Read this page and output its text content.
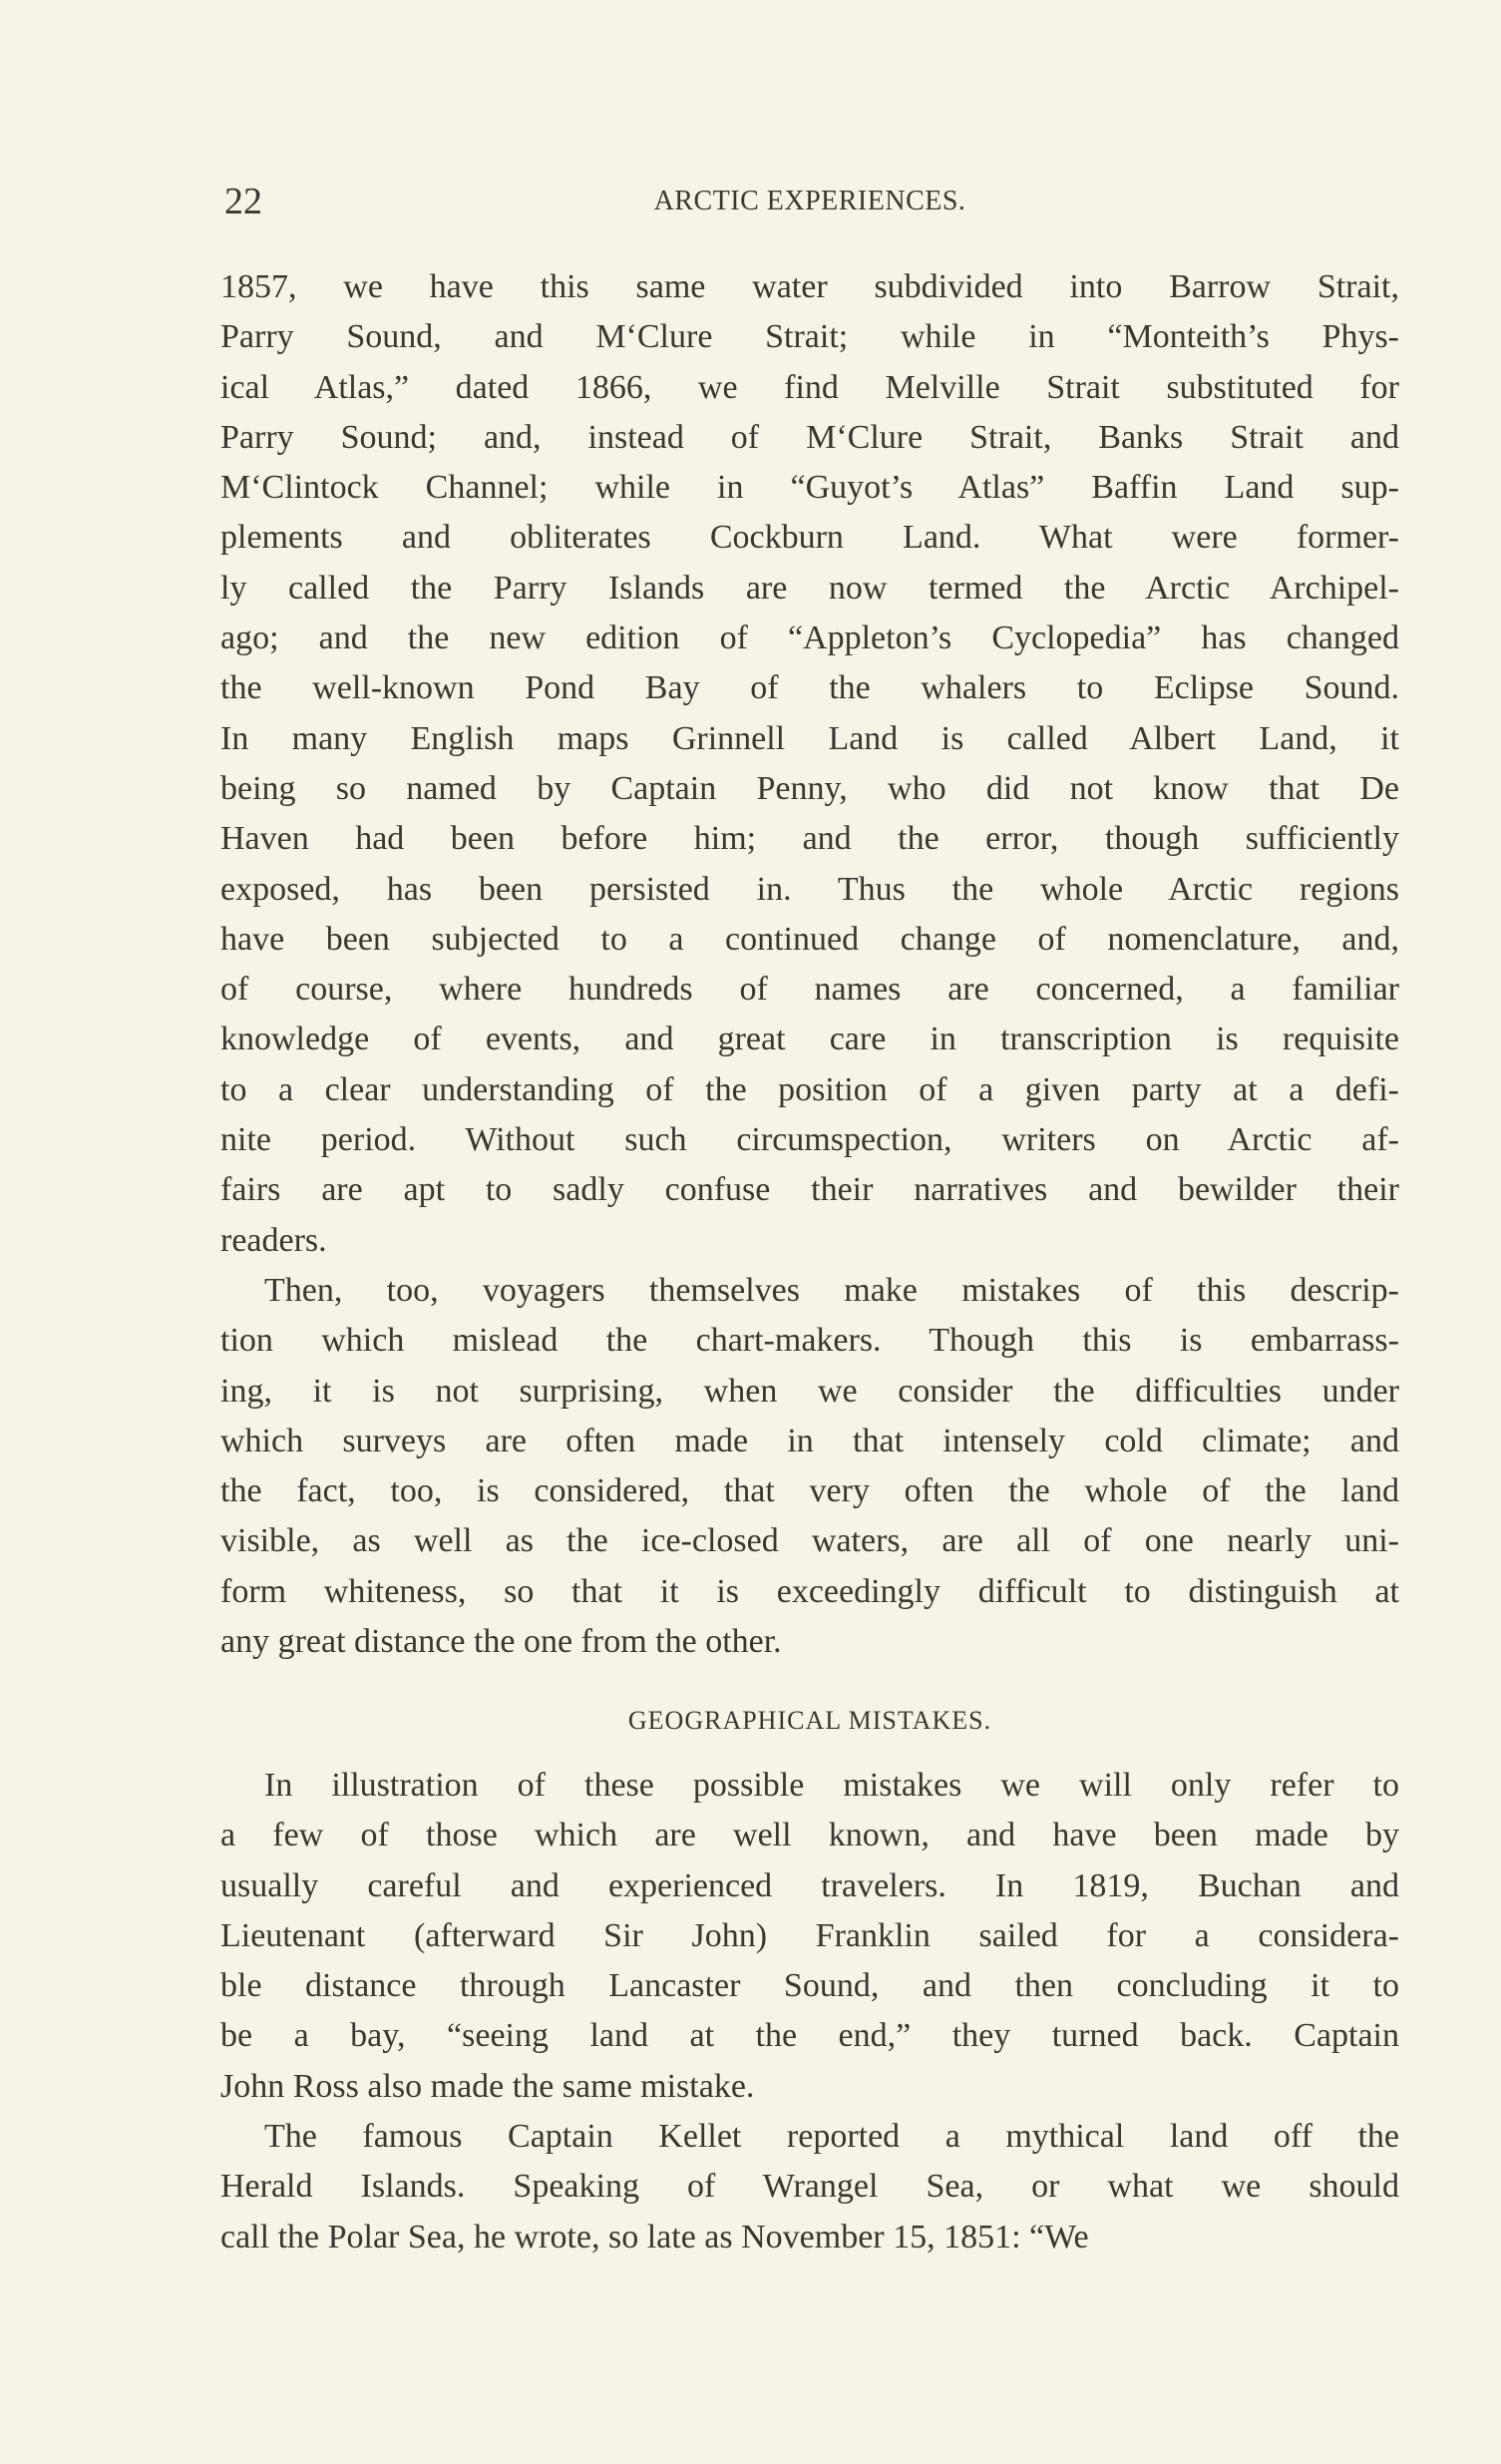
22	ARCTIC EXPERIENCES.
1857, we have this same water subdivided into Barrow Strait,
Parry Sound, and M‘Clure Strait; while in “Monteith’s Phys-
ical Atlas,” dated 1866, we find Melville Strait substituted for
Parry Sound; and, instead of M‘Clure Strait, Banks Strait and
M‘Clintock Channel; while in “Guyot’s Atlas” Baffin Land sup-
plements and obliterates Cockburn Land. What were former-
ly called the Parry Islands are now termed the Arctic Archipel-
ago; and the new edition of “Appleton’s Cyclopedia” has changed
the well-known Pond Bay of the whalers to Eclipse Sound.
In many English maps Grinnell Land is called Albert Land, it
being so named by Captain Penny, who did not know that De
Haven had been before him; and the error, though sufficiently
exposed, has been persisted in. Thus the whole Arctic regions
have been subjected to a continued change of nomenclature, and,
of course, where hundreds of names are concerned, a familiar
knowledge of events, and great care in transcription is requisite
to a clear understanding of the position of a given party at a defi-
nite period. Without such circumspection, writers on Arctic af-
fairs are apt to sadly confuse their narratives and bewilder their
readers.
Then, too, voyagers themselves make mistakes of this descrip-
tion which mislead the chart-makers. Though this is embarrass-
ing, it is not surprising, when we consider the difficulties under
which surveys are often made in that intensely cold climate; and
the fact, too, is considered, that very often the whole of the land
visible, as well as the ice-closed waters, are all of one nearly uni-
form whiteness, so that it is exceedingly difficult to distinguish at
any great distance the one from the other.
GEOGRAPHICAL MISTAKES.
In illustration of these possible mistakes we will only refer to
a few of those which are well known, and have been made by
usually careful and experienced travelers. In 1819, Buchan and
Lieutenant (afterward Sir John) Franklin sailed for a considera-
ble distance through Lancaster Sound, and then concluding it to
be a bay, “seeing land at the end,” they turned back. Captain
John Ross also made the same mistake.
The famous Captain Kellet reported a mythical land off the
Herald Islands. Speaking of Wrangel Sea, or what we should
call the Polar Sea, he wrote, so late as November 15, 1851: “We
